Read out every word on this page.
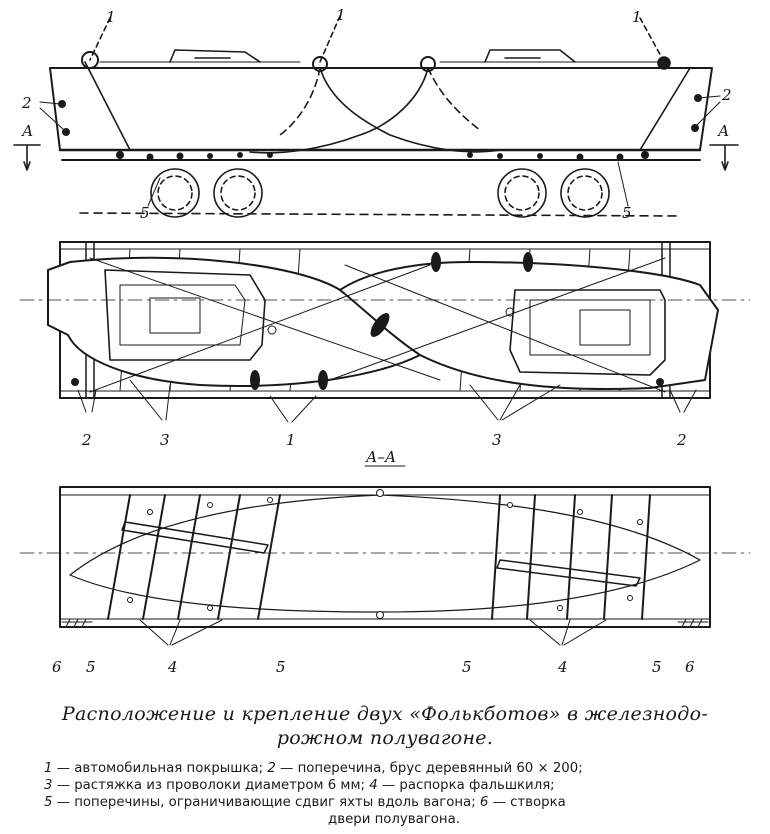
1	1	1
2	2
А	А
5	5
2	3	1	3	2
А–А
6 5	4	5	5	4	5 6
Расположение и крепление двух «Фолькботов» в железнодо-
рожном полувагоне.
1 — автомобильная покрышка; 2 — поперечина, брус деревянный 60 × 200;
3 — растяжка из проволоки диаметром 6 мм; 4 — распорка фальшкиля;
5 — поперечины, ограничивающие сдвиг яхты вдоль вагона; 6 — створка
двери полувагона.
